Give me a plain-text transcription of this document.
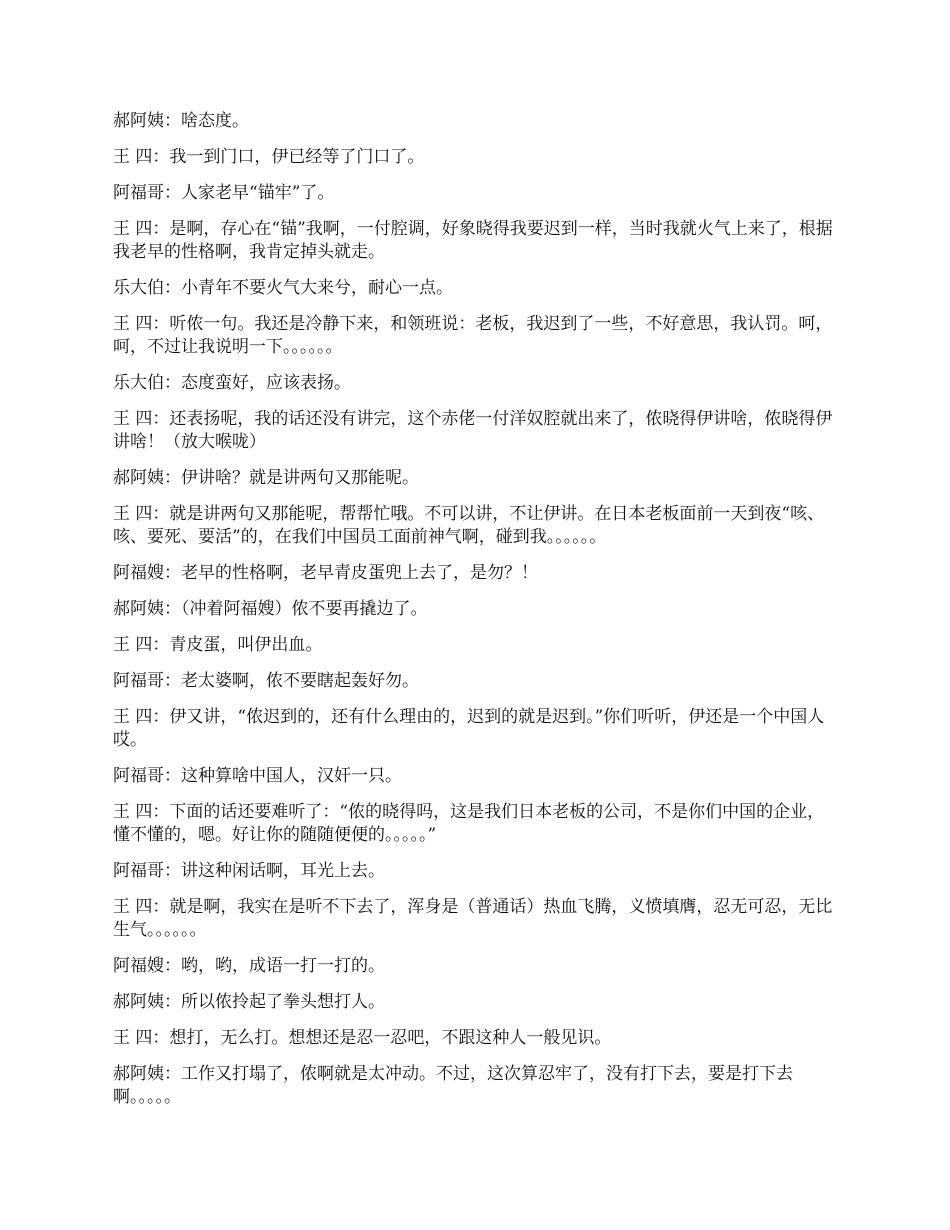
郝阿姨：啥态度。

王 四：我一到门口，伊已经等了门口了。

阿福哥：人家老早“锚牢”了。

王 四：是啊，存心在“锚”我啊，一付腔调，好象晓得我要迟到一样，当时我就火气上来了，根据我老早的性格啊，我肯定掉头就走。

乐大伯：小青年不要火气大来兮，耐心一点。

王 四：听侬一句。我还是冷静下来，和领班说：老板，我迟到了一些，不好意思，我认罚。呵，呵，不过让我说明一下。。。。。。

乐大伯：态度蛮好，应该表扬。

王 四：还表扬呢，我的话还没有讲完，这个赤佬一付洋奴腔就出来了，侬晓得伊讲啥，侬晓得伊讲啥！（放大喉咙）

郝阿姨：伊讲啥？就是讲两句又那能呢。

王 四：就是讲两句又那能呢，帮帮忙哦。不可以讲，不让伊讲。在日本老板面前一天到夜“咳、咳、要死、要活”的，在我们中国员工面前神气啊，碰到我。。。。。。

阿福嫂：老早的性格啊，老早青皮蛋兜上去了，是勿？！

郝阿姨：（冲着阿福嫂）侬不要再撬边了。

王 四：青皮蛋，叫伊出血。

阿福哥：老太婆啊，侬不要瞎起轰好勿。

王 四：伊又讲，“侬迟到的，还有什么理由的，迟到的就是迟到。”你们听听，伊还是一个中国人哎。

阿福哥：这种算啥中国人，汉奸一只。

王 四：下面的话还要难听了：“侬的晓得吗，这是我们日本老板的公司，不是你们中国的企业，懂不懂的，嗯。好让你的随随便便的。。。。。”

阿福哥：讲这种闲话啊，耳光上去。

王 四：就是啊，我实在是听不下去了，浑身是（普通话）热血飞腾，义愤填膺，忍无可忍，无比生气。。。。。。

阿福嫂：哟，哟，成语一打一打的。

郝阿姨：所以侬拎起了拳头想打人。

王 四：想打，无么打。想想还是忍一忍吧，不跟这种人一般见识。

郝阿姨：工作又打塌了，侬啊就是太冲动。不过，这次算忍牢了，没有打下去，要是打下去啊。。。。。
